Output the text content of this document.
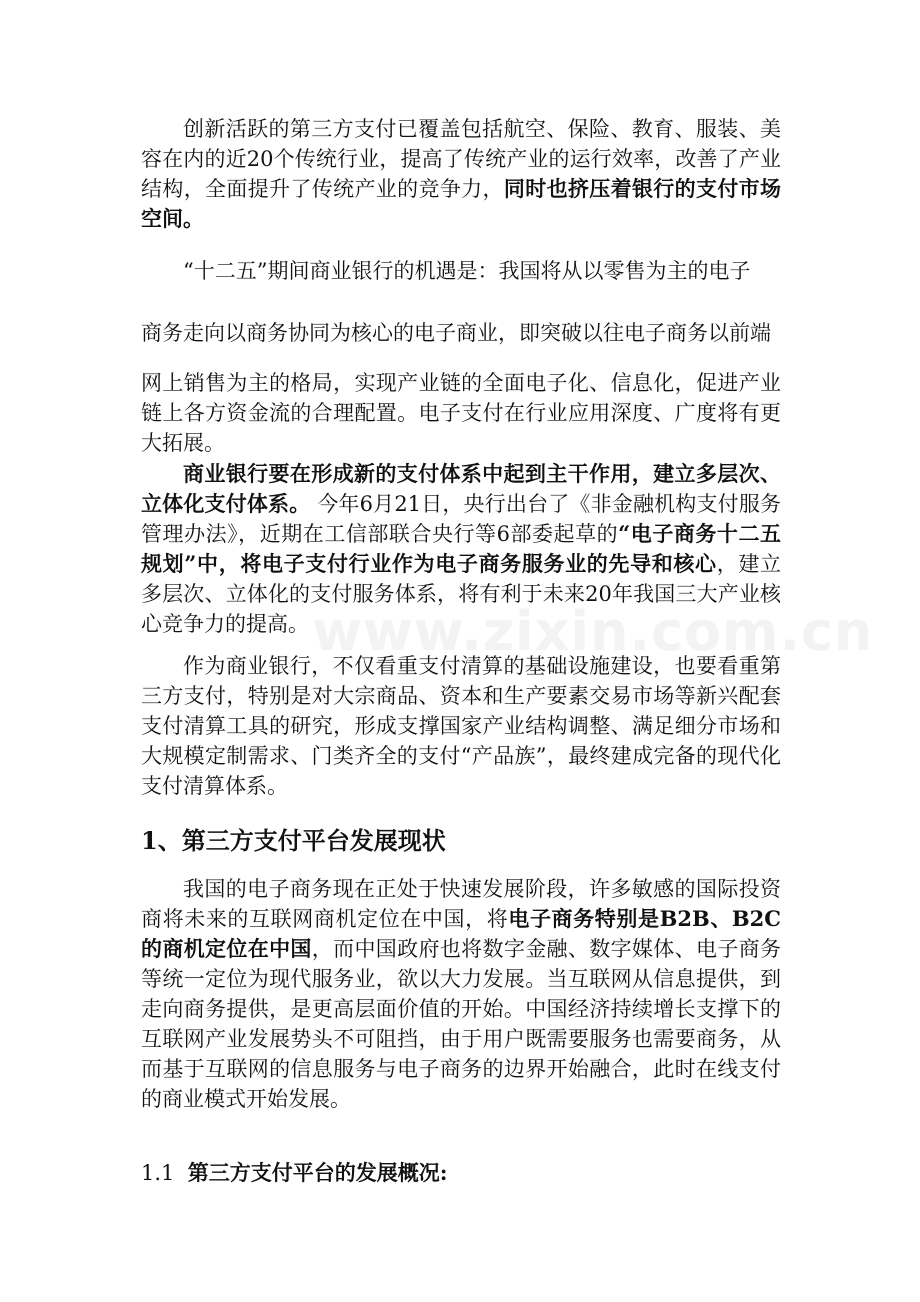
www.zixin.com.cn
创新活跃的第三方支付已覆盖包括航空、保险、教育、服装、美容在内的近20个传统行业，提高了传统产业的运行效率，改善了产业结构，全面提升了传统产业的竞争力，同时也挤压着银行的支付市场空间。
“十二五”期间商业银行的机遇是：我国将从以零售为主的电子
商务走向以商务协同为核心的电子商业，即突破以往电子商务以前端
网上销售为主的格局，实现产业链的全面电子化、信息化，促进产业链上各方资金流的合理配置。电子支付在行业应用深度、广度将有更大拓展。
商业银行要在形成新的支付体系中起到主干作用，建立多层次、立体化支付体系。 今年6月21日，央行出台了《非金融机构支付服务管理办法》，近期在工信部联合央行等6部委起草的“电子商务十二五规划”中，将电子支付行业作为电子商务服务业的先导和核心，建立多层次、立体化的支付服务体系，将有利于未来20年我国三大产业核心竞争力的提高。
作为商业银行，不仅看重支付清算的基础设施建设，也要看重第三方支付，特别是对大宗商品、资本和生产要素交易市场等新兴配套支付清算工具的研究，形成支撑国家产业结构调整、满足细分市场和大规模定制需求、门类齐全的支付“产品族”，最终建成完备的现代化支付清算体系。
1、第三方支付平台发展现状
我国的电子商务现在正处于快速发展阶段，许多敏感的国际投资商将未来的互联网商机定位在中国，将电子商务特别是B2B、B2C的商机定位在中国，而中国政府也将数字金融、数字媒体、电子商务等统一定位为现代服务业，欲以大力发展。当互联网从信息提供，到走向商务提供，是更高层面价值的开始。中国经济持续增长支撑下的互联网产业发展势头不可阻挡，由于用户既需要服务也需要商务，从而基于互联网的信息服务与电子商务的边界开始融合，此时在线支付的商业模式开始发展。
1.1 第三方支付平台的发展概况:
